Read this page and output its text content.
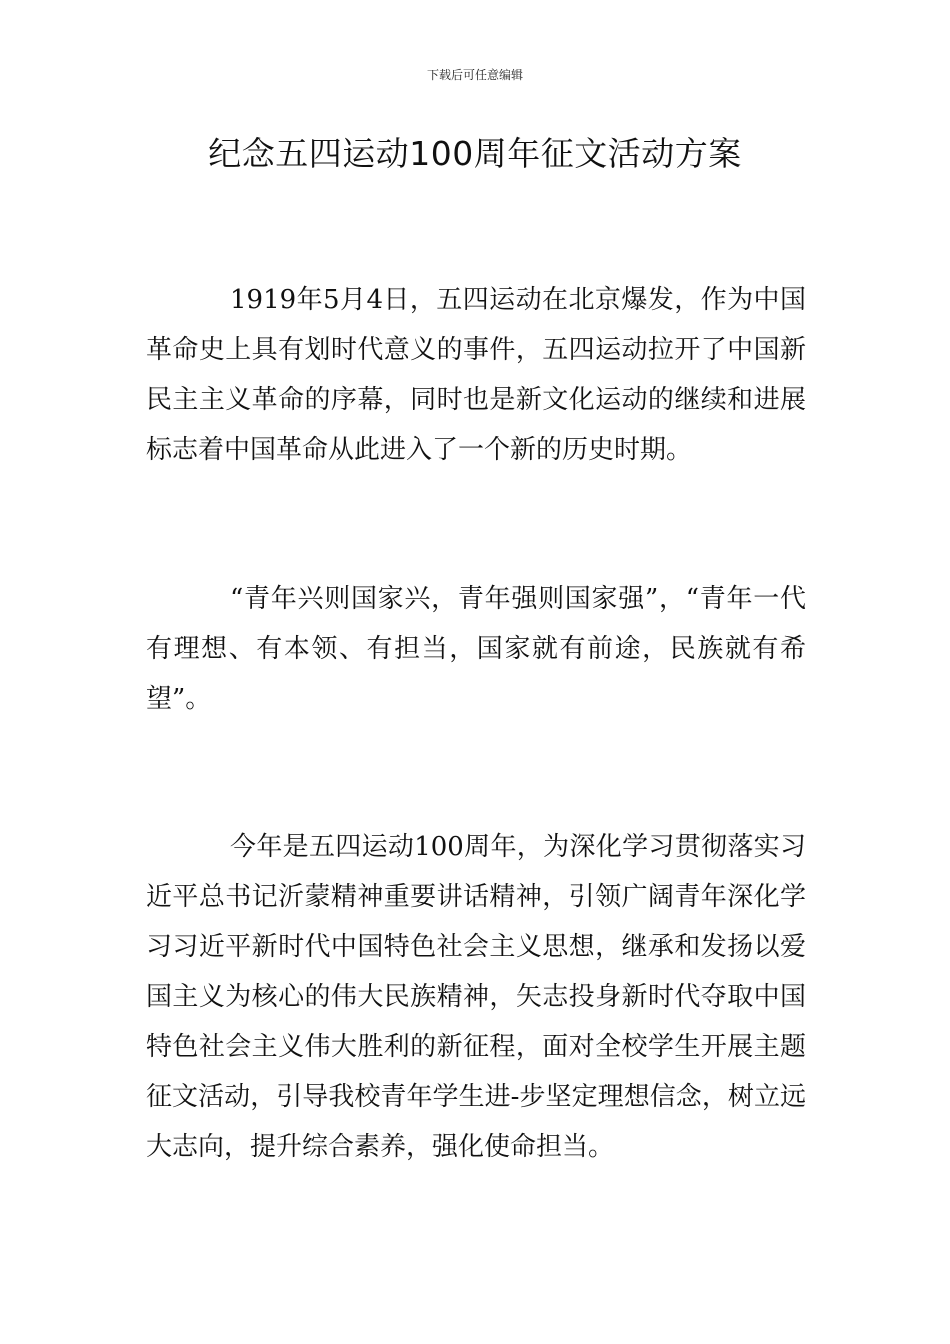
下载后可任意编辑
纪念五四运动100周年征文活动方案

1919年5月4日，五四运动在北京爆发，作为中国革命史上具有划时代意义的事件，五四运动拉开了中国新民主主义革命的序幕，同时也是新文化运动的继续和进展标志着中国革命从此进入了一个新的历史时期。

“青年兴则国家兴，青年强则国家强”，“青年一代有理想、有本领、有担当，国家就有前途，民族就有希望”。

今年是五四运动100周年，为深化学习贯彻落实习近平总书记沂蒙精神重要讲话精神，引领广阔青年深化学习习近平新时代中国特色社会主义思想，继承和发扬以爱国主义为核心的伟大民族精神，矢志投身新时代夺取中国特色社会主义伟大胜利的新征程，面对全校学生开展主题征文活动，引导我校青年学生进-步坚定理想信念，树立远大志向，提升综合素养，强化使命担当。
